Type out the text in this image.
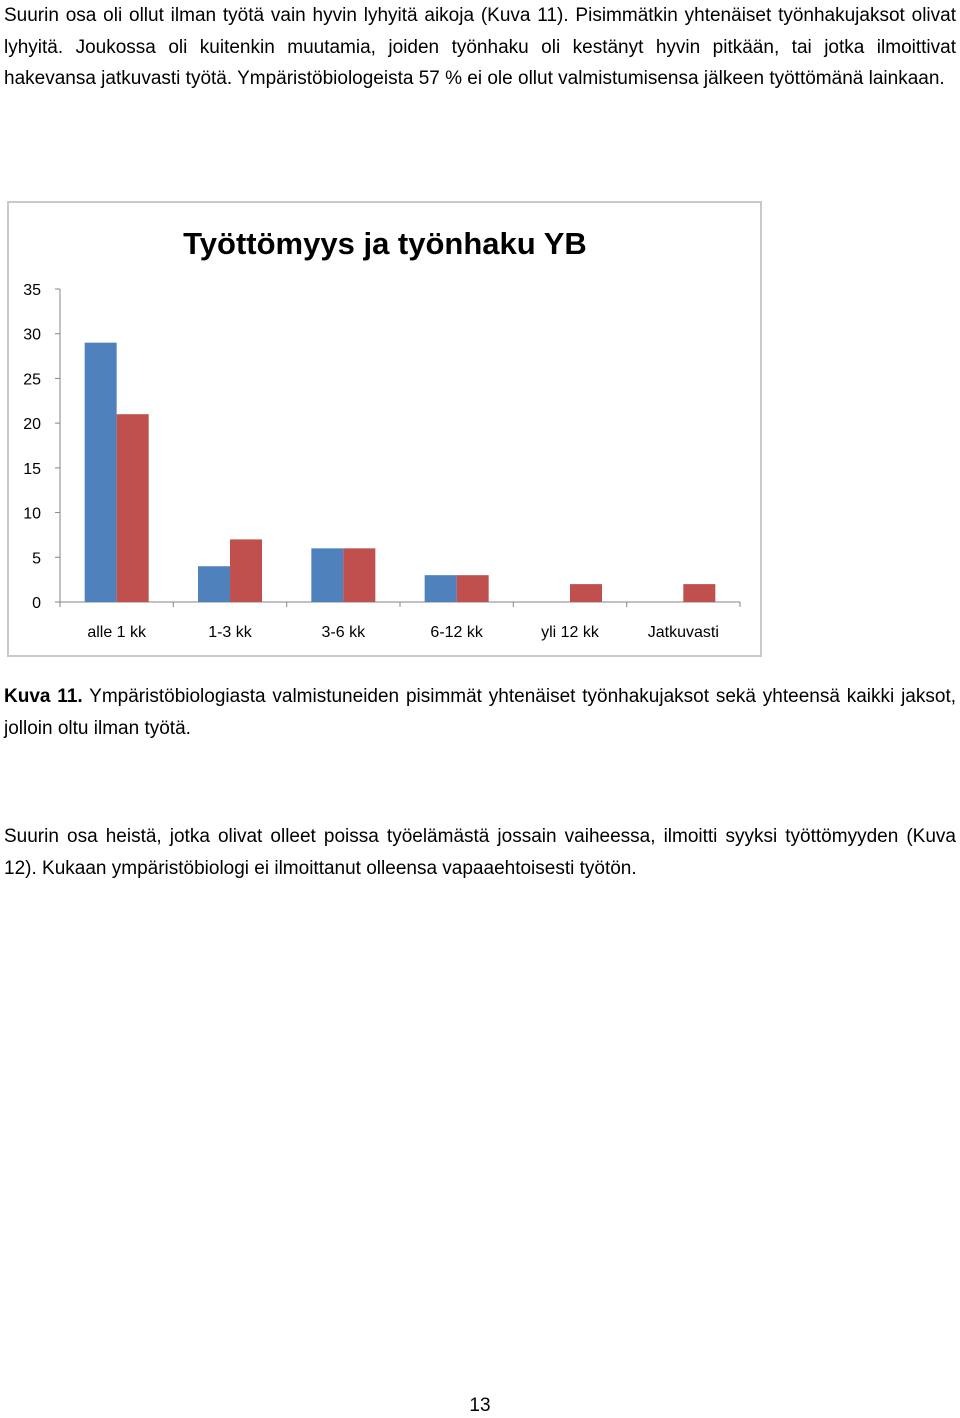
Suurin osa oli ollut ilman työtä vain hyvin lyhyitä aikoja (Kuva 11). Pisimmätkin yhtenäiset työnhakujaksot olivat lyhyitä. Joukossa oli kuitenkin muutamia, joiden työnhaku oli kestänyt hyvin pitkään, tai jotka ilmoittivat hakevansa jatkuvasti työtä. Ympäristöbiologeista 57 % ei ole ollut valmistumisensa jälkeen työttömänä lainkaan.

Työttömyys ja työnhaku YB
0
5
10
15
20
25
30
35
alle 1 kk	1-3 kk	3-6 kk	6-12 kk	yli 12 kk	Jatkuvasti

Kuva 11. Ympäristöbiologiasta valmistuneiden pisimmät yhtenäiset työnhakujaksot sekä yhteensä kaikki jaksot, jolloin oltu ilman työtä.

Suurin osa heistä, jotka olivat olleet poissa työelämästä jossain vaiheessa, ilmoitti syyksi työttömyyden (Kuva 12). Kukaan ympäristöbiologi ei ilmoittanut olleensa vapaaehtoisesti työtön.

13
